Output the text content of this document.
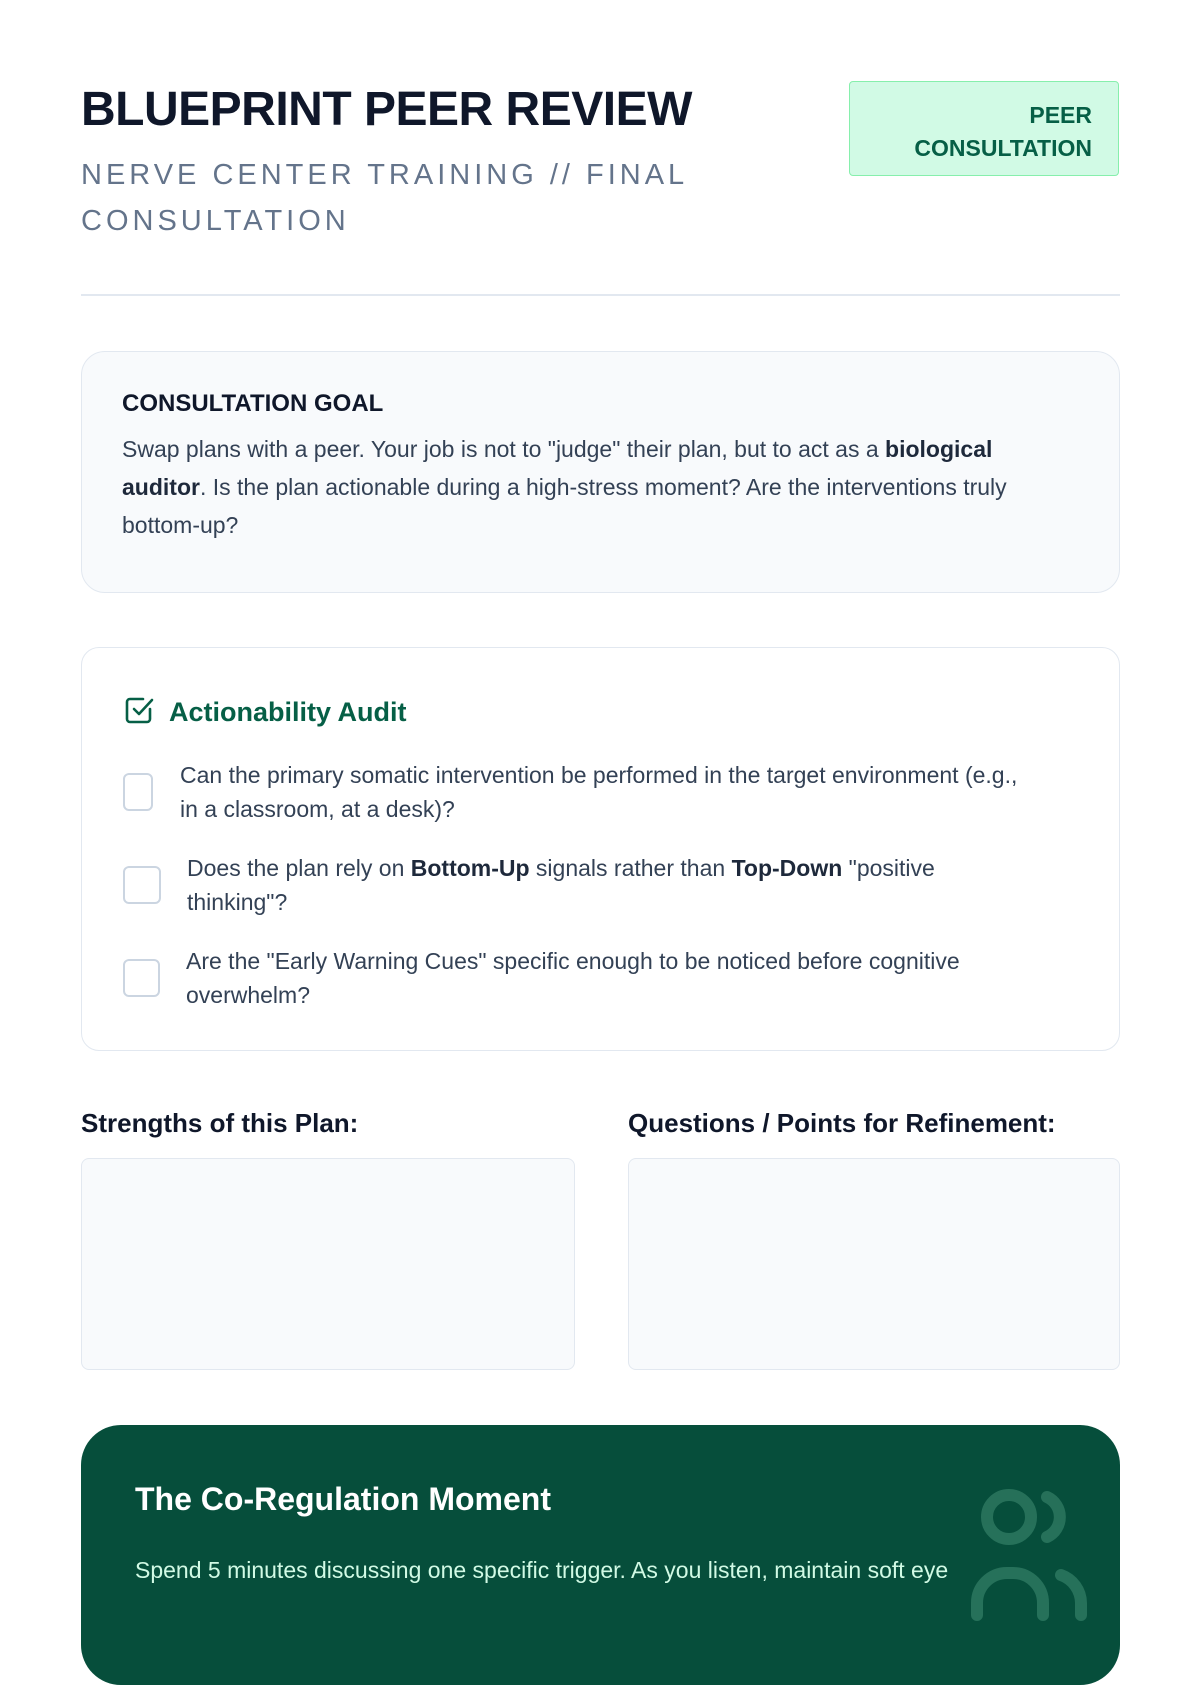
BLUEPRINT PEER REVIEW

NERVE CENTER TRAINING // FINAL CONSULTATION

PEER
CONSULTATION
CONSULTATION GOAL

Swap plans with a peer. Your job is not to "judge" their plan, but to act as a biological auditor. Is the plan actionable during a high-stress moment? Are the interventions truly bottom-up?

Actionability Audit
Can the primary somatic intervention be performed in the target environment (e.g., in a classroom, at a desk)?
Does the plan rely on Bottom-Up signals rather than Top-Down "positive thinking"?
Are the "Early Warning Cues" specific enough to be noticed before cognitive overwhelm?
Strengths of this Plan:	Questions / Points for Refinement:
The Co-Regulation Moment

Spend 5 minutes discussing one specific trigger. As you listen, maintain soft eye
